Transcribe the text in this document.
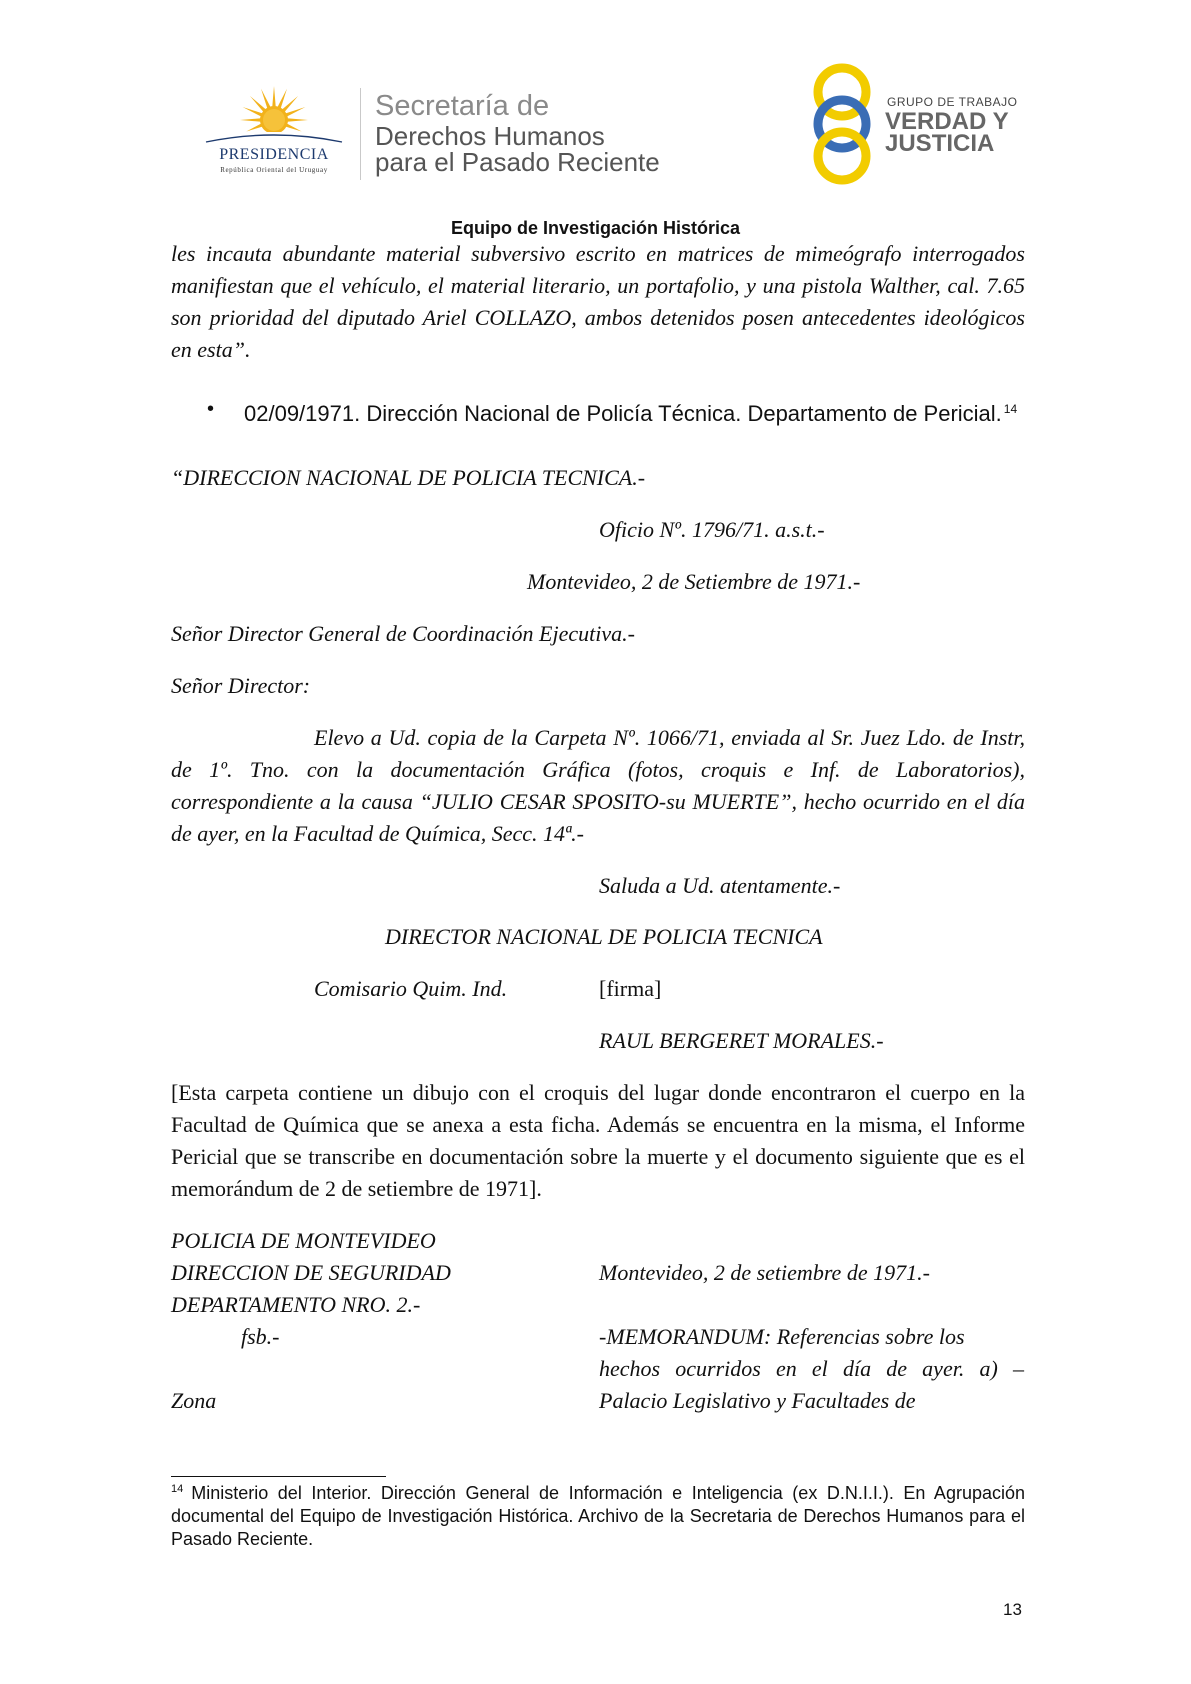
PRESIDENCIA
República Oriental del Uruguay
Secretaría de
Derechos Humanos
para el Pasado Reciente
GRUPO DE TRABAJO
VERDAD Y
JUSTICIA
Equipo de Investigación Histórica
les incauta abundante material subversivo escrito en matrices de mimeógrafo interrogados manifiestan que el vehículo, el material literario, un portafolio, y una pistola Walther, cal. 7.65 son prioridad del diputado Ariel COLLAZO, ambos detenidos posen antecedentes ideológicos en esta”.
• 02/09/1971. Dirección Nacional de Policía Técnica. Departamento de Pericial. $^{14}$
“DIRECCION NACIONAL DE POLICIA TECNICA.-
Oficio Nº. 1796/71. a.s.t.-
Montevideo, 2 de Setiembre de 1971.-
Señor Director General de Coordinación Ejecutiva.-
Señor Director:
Elevo a Ud. copia de la Carpeta Nº. 1066/71, enviada al Sr. Juez Ldo. de Instr, de 1º. Tno. con la documentación Gráfica (fotos, croquis e Inf. de Laboratorios), correspondiente a la causa “JULIO CESAR SPOSITO-su MUERTE”, hecho ocurrido en el día de ayer, en la Facultad de Química, Secc. 14ª.-
Saluda a Ud. atentamente.-
DIRECTOR NACIONAL DE POLICIA TECNICA
Comisario Quim. Ind.	[firma]
RAUL BERGERET MORALES.-
[Esta carpeta contiene un dibujo con el croquis del lugar donde encontraron el cuerpo en la Facultad de Química que se anexa a esta ficha. Además se encuentra en la misma, el Informe Pericial que se transcribe en documentación sobre la muerte y el documento siguiente que es el memorándum de 2 de setiembre de 1971].
POLICIA DE MONTEVIDEO
DIRECCION DE SEGURIDAD	Montevideo, 2 de setiembre de 1971.-
DEPARTAMENTO NRO. 2.-
fsb.-	-MEMORANDUM: Referencias sobre los
hechos ocurridos en el día de ayer. a) –
Zona	Palacio Legislativo y Facultades de
$^{14}$ Ministerio del Interior. Dirección General de Información e Inteligencia (ex D.N.I.I.). En Agrupación documental del Equipo de Investigación Histórica. Archivo de la Secretaria de Derechos Humanos para el Pasado Reciente.
13
